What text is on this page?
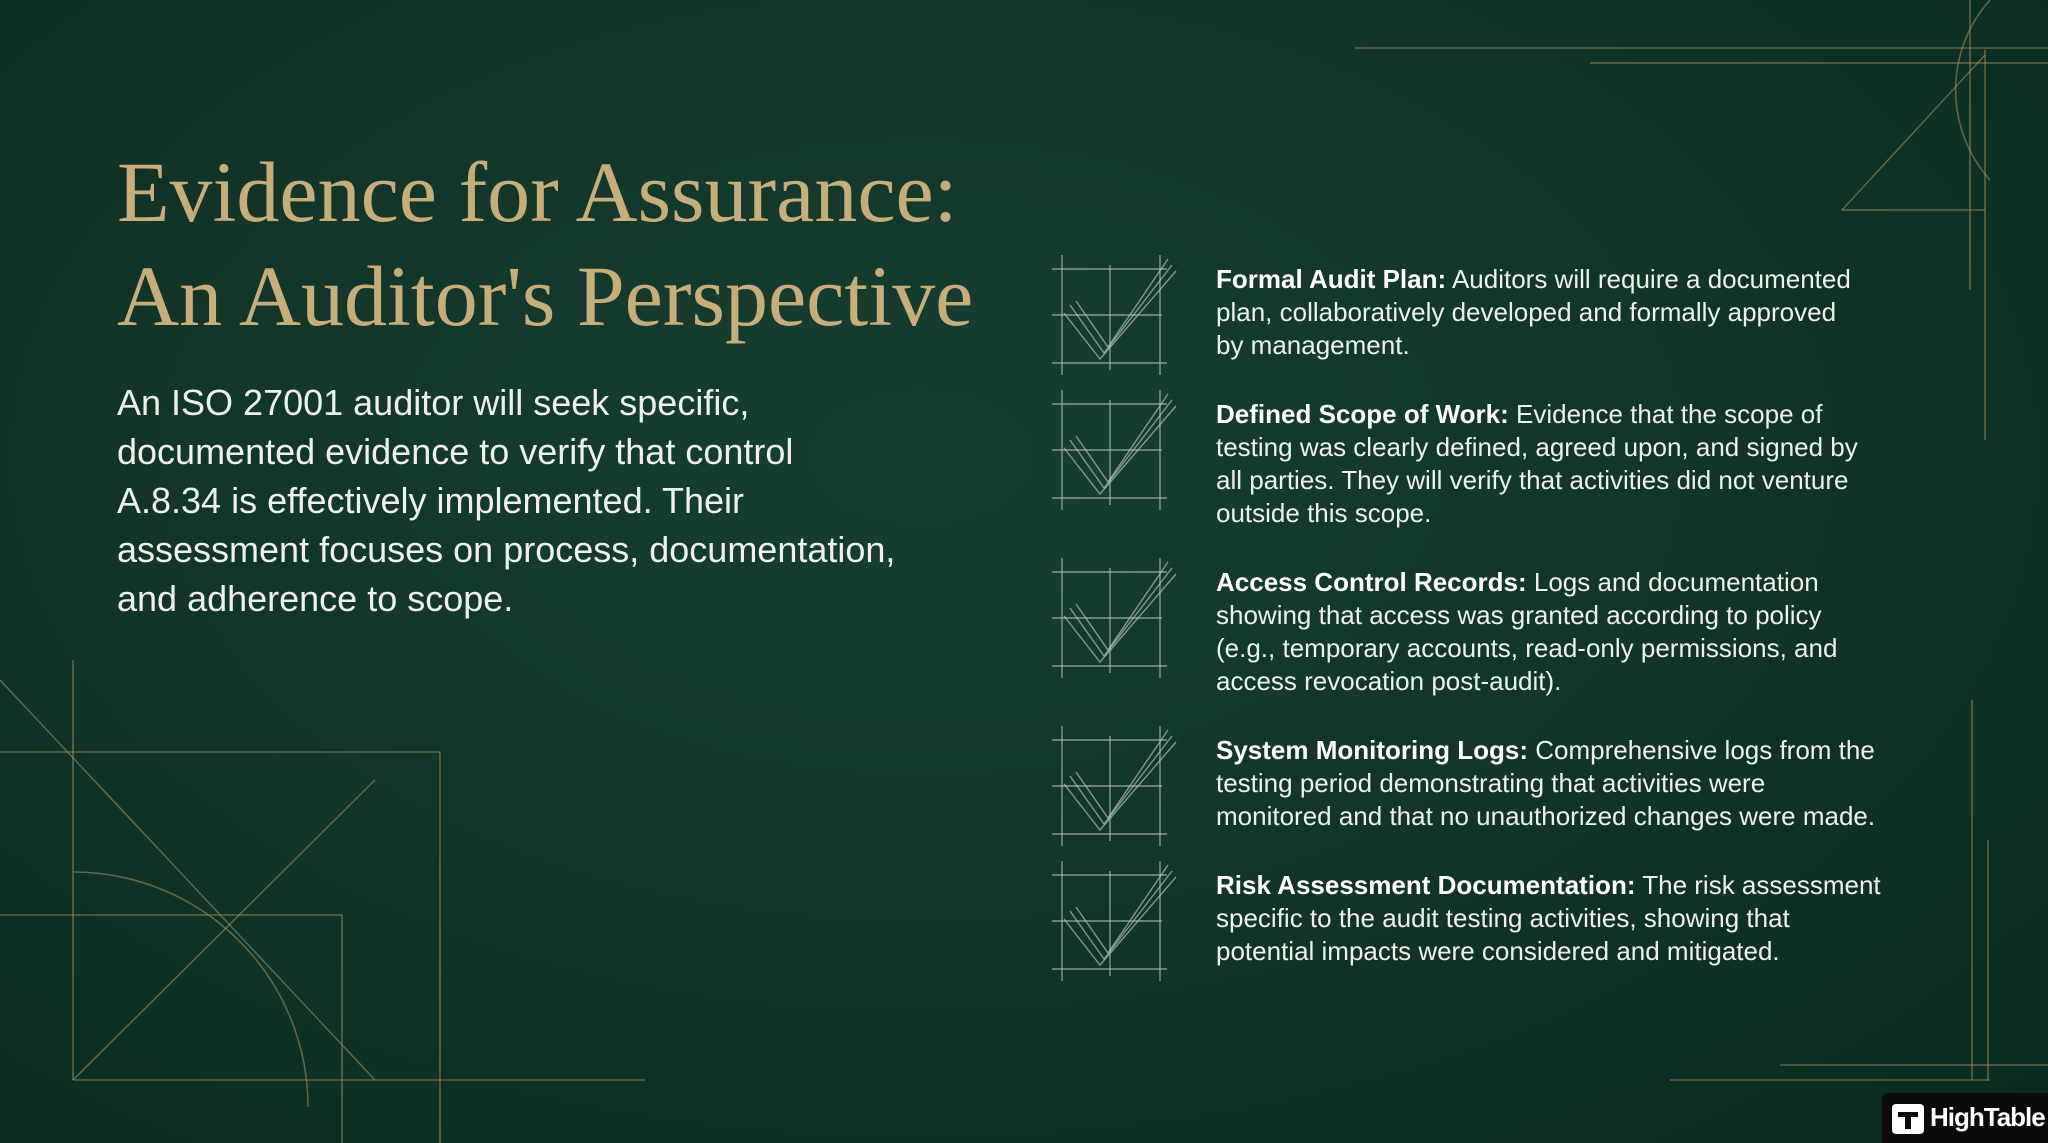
Evidence for Assurance:
An Auditor's Perspective

An ISO 27001 auditor will seek specific,
documented evidence to verify that control
A.8.34 is effectively implemented. Their
assessment focuses on process, documentation,
and adherence to scope.

Formal Audit Plan: Auditors will require a documented
plan, collaboratively developed and formally approved
by management.

Defined Scope of Work: Evidence that the scope of
testing was clearly defined, agreed upon, and signed by
all parties. They will verify that activities did not venture
outside this scope.

Access Control Records: Logs and documentation
showing that access was granted according to policy
(e.g., temporary accounts, read-only permissions, and
access revocation post-audit).

System Monitoring Logs: Comprehensive logs from the
testing period demonstrating that activities were
monitored and that no unauthorized changes were made.

Risk Assessment Documentation: The risk assessment
specific to the audit testing activities, showing that
potential impacts were considered and mitigated.

HighTable
